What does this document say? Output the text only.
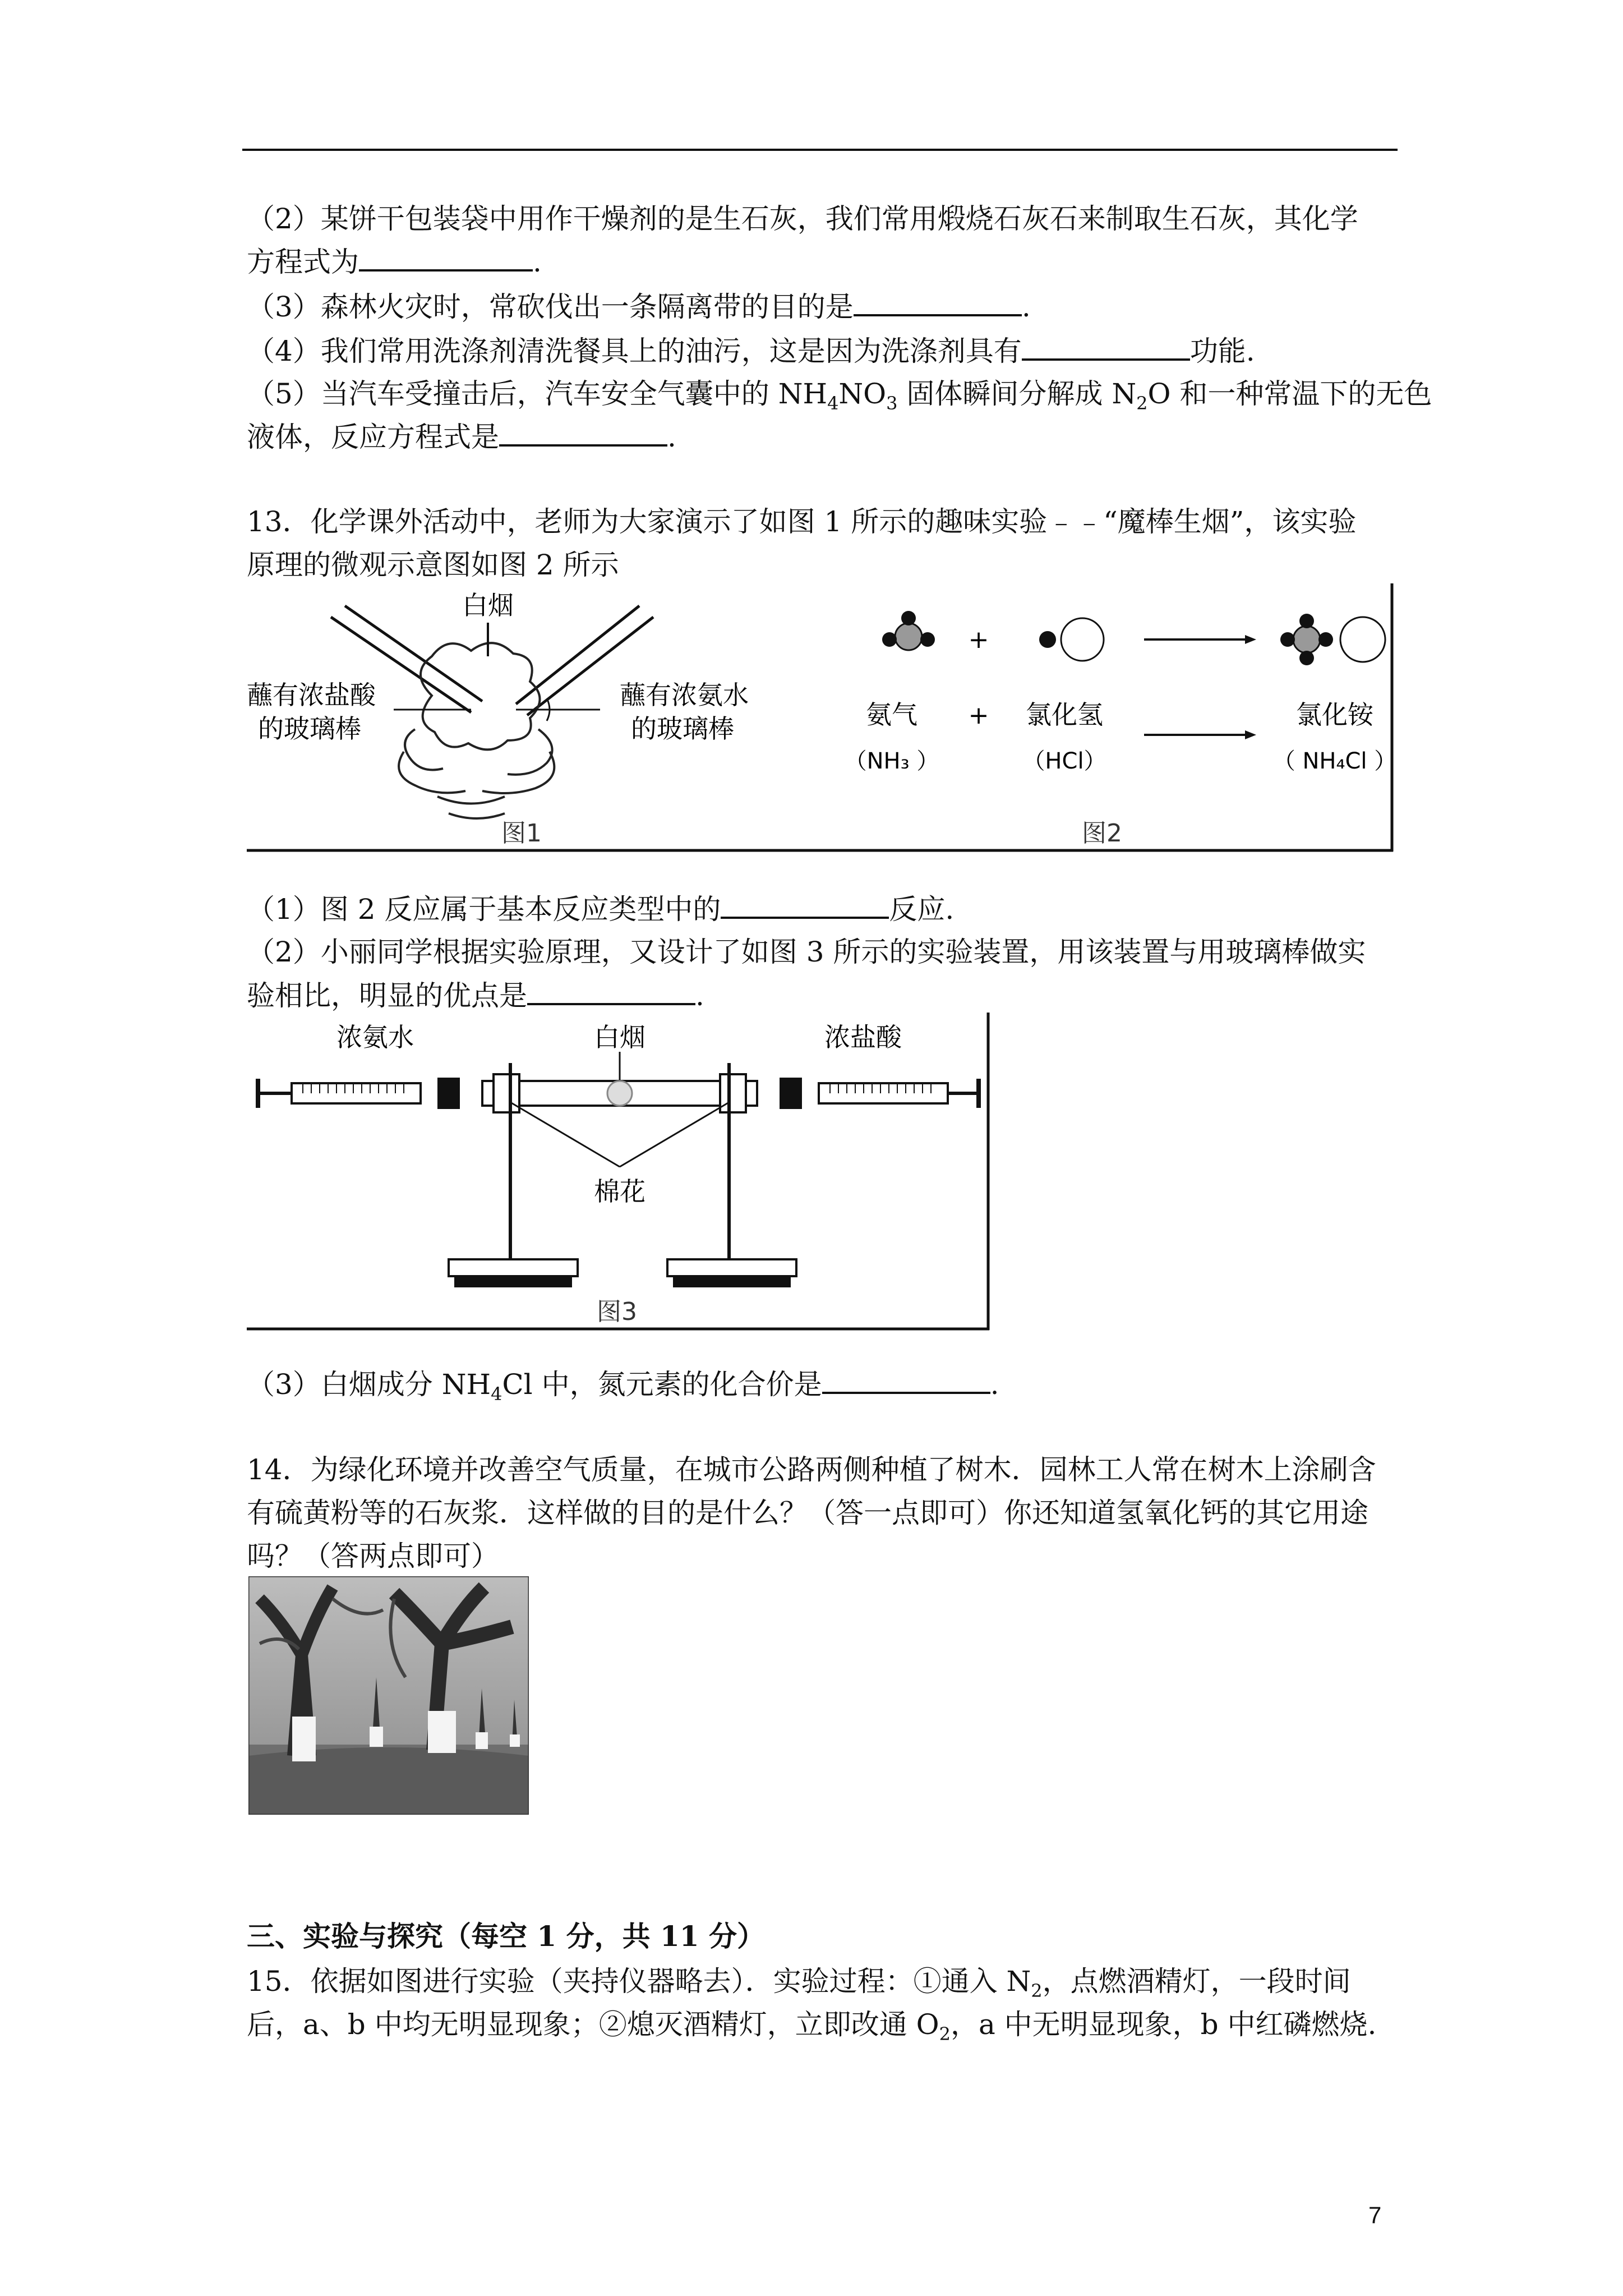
（2）某饼干包装袋中用作干燥剂的是生石灰，我们常用煅烧石灰石来制取生石灰，其化学
方程式为	.
（3）森林火灾时，常砍伐出一条隔离带的目的是	.
（4）我们常用洗涤剂清洗餐具上的油污，这是因为洗涤剂具有	功能.
（5）当汽车受撞击后，汽车安全气囊中的 $NH_4NO_3$ 固体瞬间分解成 $N_2O$ 和一种常温下的无色
液体，反应方程式是	.
13．化学课外活动中，老师为大家演示了如图 1 所示的趣味实验﹣﹣“魔棒生烟”，该实验
原理的微观示意图如图 2 所示
白烟
蘸有浓盐酸
的玻璃棒
蘸有浓氨水
的玻璃棒
图1
+
氨气 + 氯化氢	氯化铵
（NH₃ ）	（HCl）	（ NH₄Cl ）
图2
（1）图 2 反应属于基本反应类型中的	反应.
（2）小丽同学根据实验原理，又设计了如图 3 所示的实验装置，用该装置与用玻璃棒做实
验相比，明显的优点是	.
浓氨水	白烟	浓盐酸
棉花
图3
（3）白烟成分 $NH_4Cl$ 中，氮元素的化合价是	.
14．为绿化环境并改善空气质量，在城市公路两侧种植了树木．园林工人常在树木上涂刷含
有硫黄粉等的石灰浆．这样做的目的是什么？（答一点即可）你还知道氢氧化钙的其它用途
吗？（答两点即可）
三、实验与探究（每空 1 分，共 11 分）
15．依据如图进行实验（夹持仪器略去）．实验过程：①通入 $N_2$，点燃酒精灯，一段时间
后，a、b 中均无明显现象；②熄灭酒精灯，立即改通 $O_2$，a 中无明显现象，b 中红磷燃烧.
7
